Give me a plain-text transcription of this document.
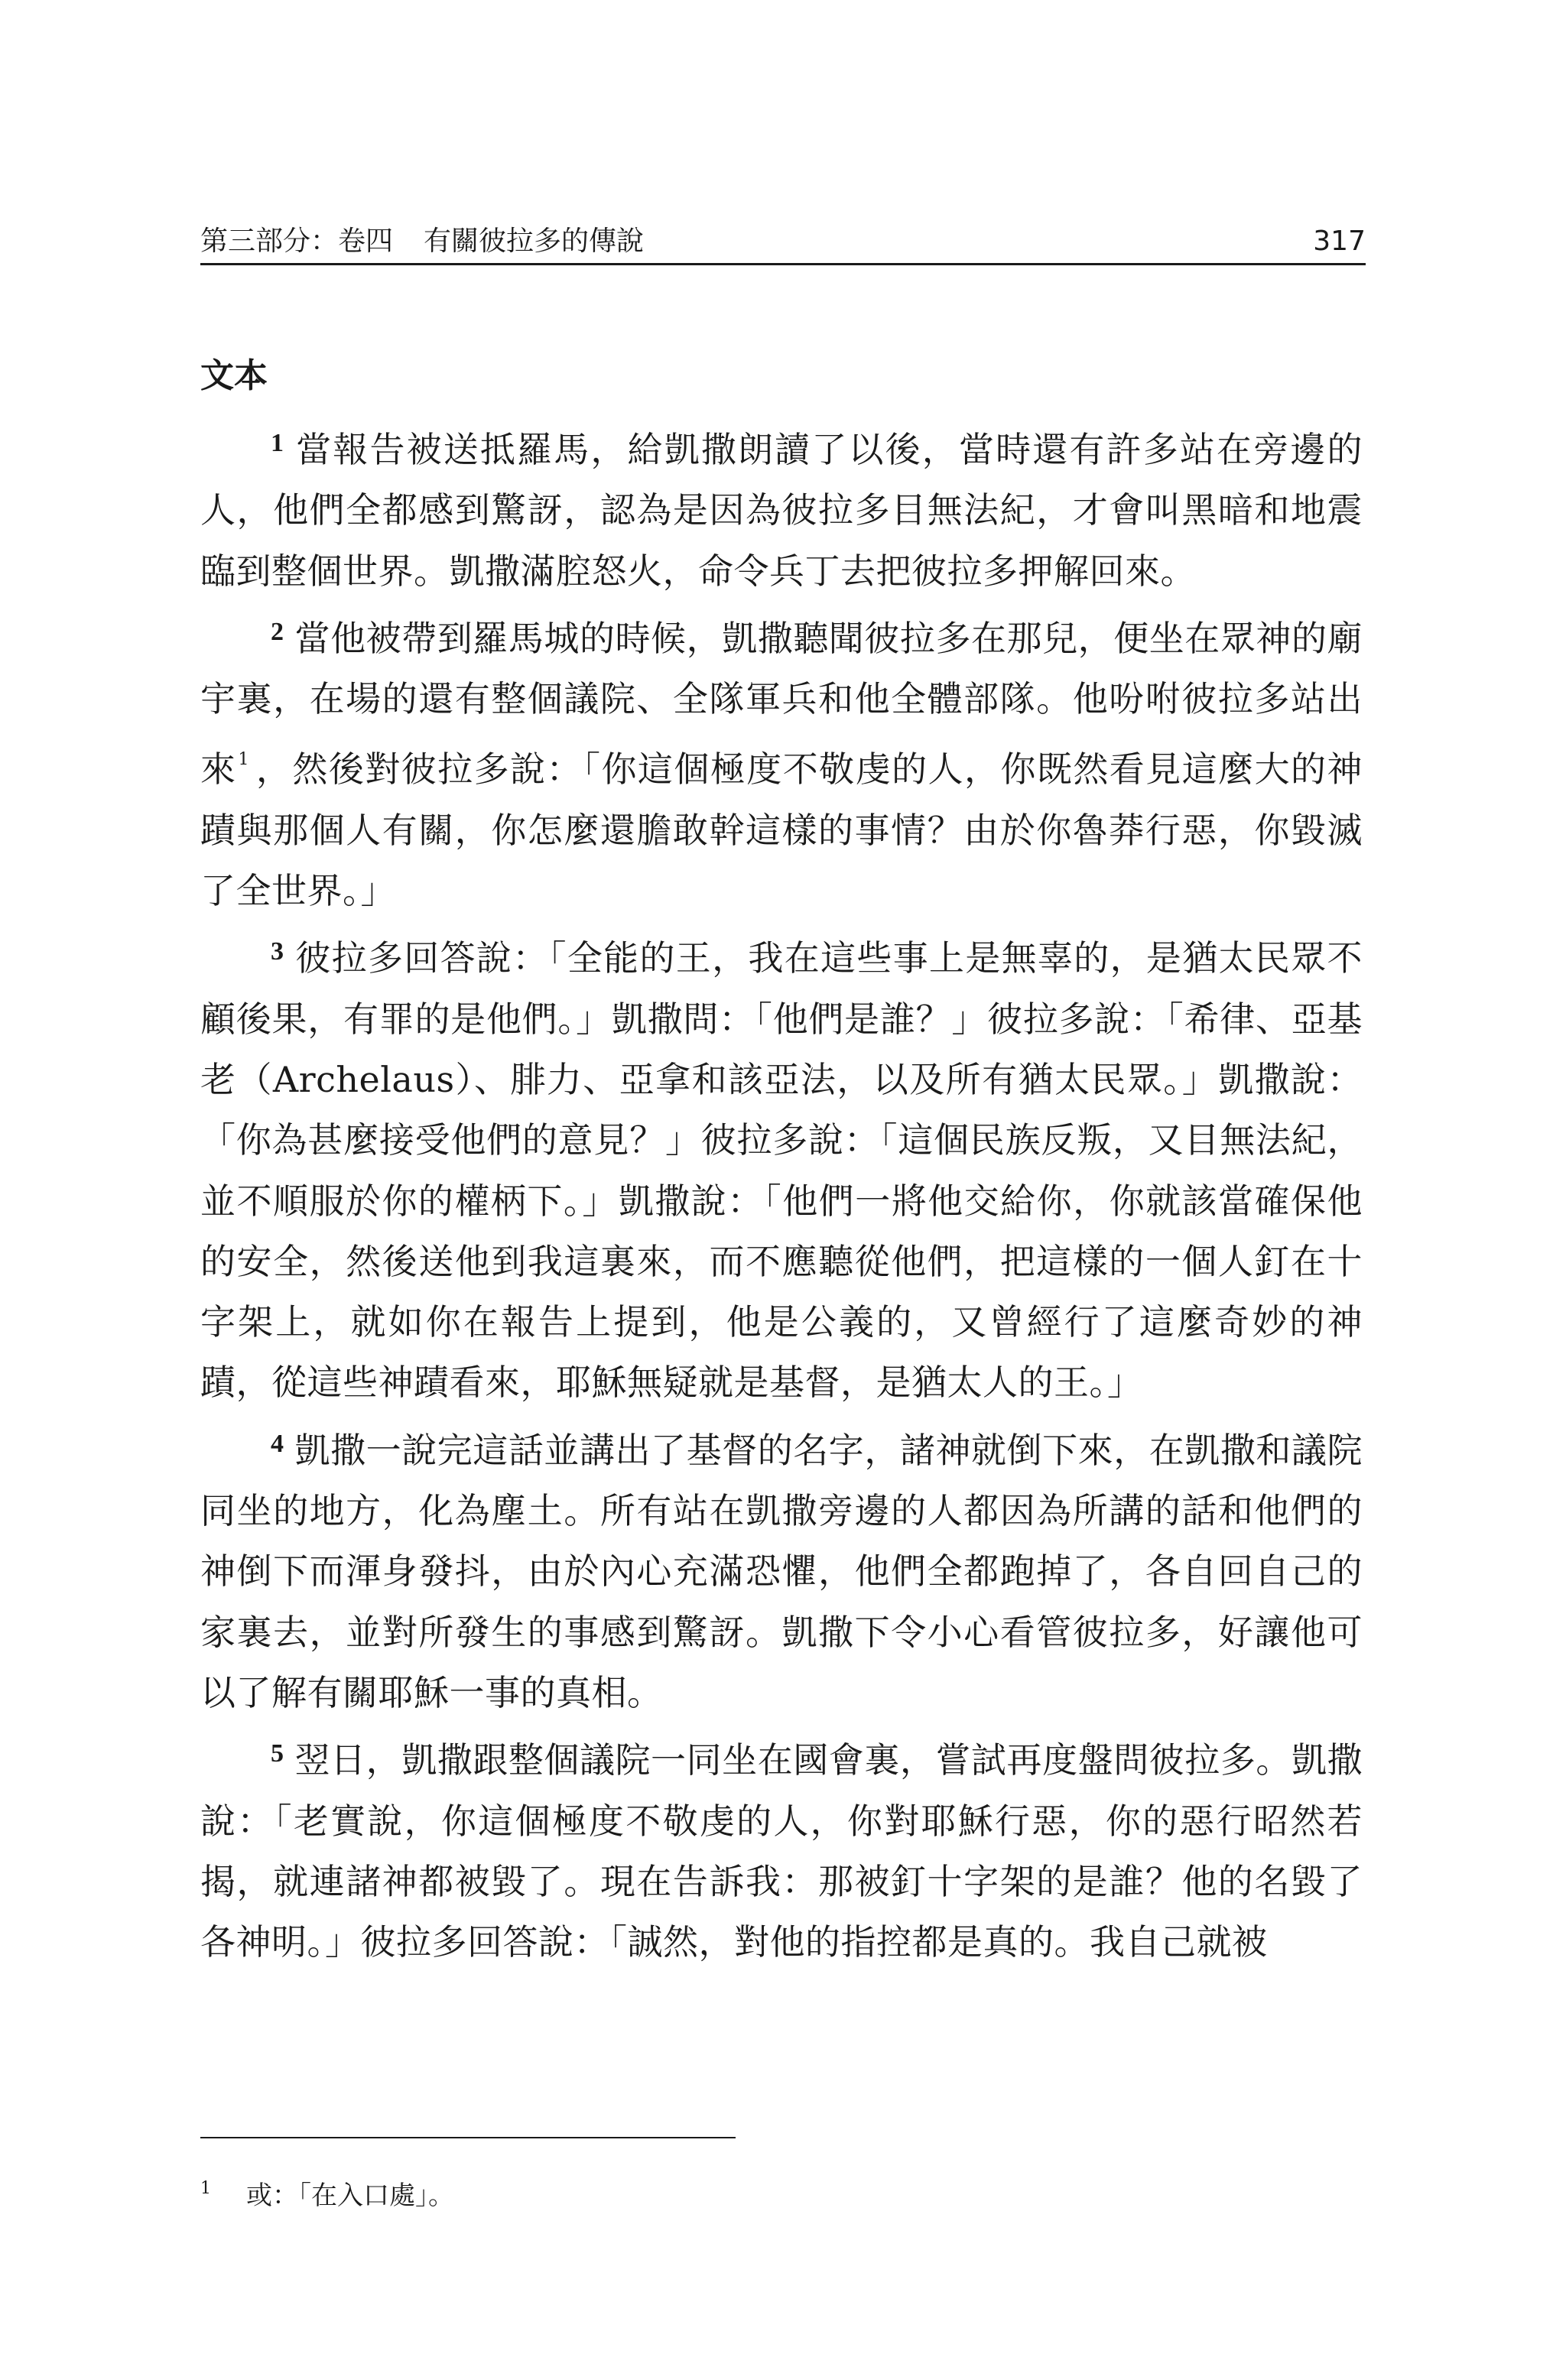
第三部分：卷四 有關彼拉多的傳說	317
文本

$^1$ 當報告被送抵羅馬，給凱撒朗讀了以後，當時還有許多站在旁邊的人，他們全都感到驚訝，認為是因為彼拉多目無法紀，才會叫黑暗和地震臨到整個世界。凱撒滿腔怒火，命令兵丁去把彼拉多押解回來。

$^2$ 當他被帶到羅馬城的時候，凱撒聽聞彼拉多在那兒，便坐在眾神的廟宇裏，在場的還有整個議院、全隊軍兵和他全體部隊。他吩咐彼拉多站出來$^1$ ，然後對彼拉多說：「你這個極度不敬虔的人，你既然看見這麼大的神蹟與那個人有關，你怎麼還膽敢幹這樣的事情？由於你魯莽行惡，你毀滅了全世界。」

$^3$ 彼拉多回答說：「全能的王，我在這些事上是無辜的，是猶太民眾不顧後果，有罪的是他們。」凱撒問：「他們是誰？」彼拉多說：「希律、亞基老（Archelaus）、腓力、亞拿和該亞法，以及所有猶太民眾。」凱撒說：「你為甚麼接受他們的意見？」彼拉多說：「這個民族反叛，又目無法紀，並不順服於你的權柄下。」凱撒說：「他們一將他交給你，你就該當確保他的安全，然後送他到我這裏來，而不應聽從他們，把這樣的一個人釘在十字架上，就如你在報告上提到，他是公義的，又曾經行了這麼奇妙的神蹟，從這些神蹟看來，耶穌無疑就是基督，是猶太人的王。」

$^4$ 凱撒一說完這話並講出了基督的名字，諸神就倒下來，在凱撒和議院同坐的地方，化為塵土。所有站在凱撒旁邊的人都因為所講的話和他們的神倒下而渾身發抖，由於內心充滿恐懼，他們全都跑掉了，各自回自己的家裏去，並對所發生的事感到驚訝。凱撒下令小心看管彼拉多，好讓他可以了解有關耶穌一事的真相。

$^5$ 翌日，凱撒跟整個議院一同坐在國會裏，嘗試再度盤問彼拉多。凱撒說：「老實說，你這個極度不敬虔的人，你對耶穌行惡，你的惡行昭然若揭，就連諸神都被毀了。現在告訴我：那被釘十字架的是誰？他的名毀了各神明。」彼拉多回答說：「誠然，對他的指控都是真的。我自己就被

1 或：「在入口處」。
